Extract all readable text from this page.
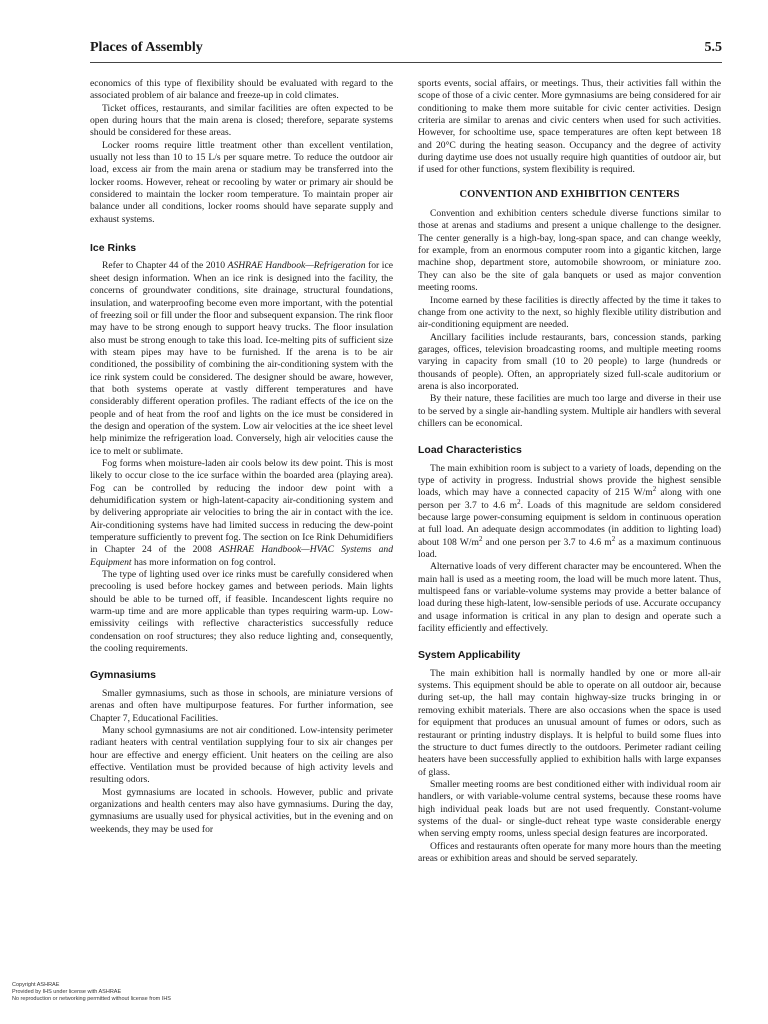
Places of Assembly	5.5

economics of this type of flexibility should be evaluated with regard to the associated problem of air balance and freeze-up in cold climates.

Ticket offices, restaurants, and similar facilities are often expected to be open during hours that the main arena is closed; therefore, separate systems should be considered for these areas.

Locker rooms require little treatment other than excellent ventilation, usually not less than 10 to 15 L/s per square metre. To reduce the outdoor air load, excess air from the main arena or stadium may be transferred into the locker rooms. However, reheat or recooling by water or primary air should be considered to maintain the locker room temperature. To maintain proper air balance under all conditions, locker rooms should have separate supply and exhaust systems.

Ice Rinks

Refer to Chapter 44 of the 2010 ASHRAE Handbook—Refrigeration for ice sheet design information. When an ice rink is designed into the facility, the concerns of groundwater conditions, site drainage, structural foundations, insulation, and waterproofing become even more important, with the potential of freezing soil or fill under the floor and subsequent expansion. The rink floor may have to be strong enough to support heavy trucks. The floor insulation also must be strong enough to take this load. Ice-melting pits of sufficient size with steam pipes may have to be furnished. If the arena is to be air conditioned, the possibility of combining the air-conditioning system with the ice rink system could be considered. The designer should be aware, however, that both systems operate at vastly different temperatures and have considerably different operation profiles. The radiant effects of the ice on the people and of heat from the roof and lights on the ice must be considered in the design and operation of the system. Low air velocities at the ice sheet level help minimize the refrigeration load. Conversely, high air velocities cause the ice to melt or sublimate.

Fog forms when moisture-laden air cools below its dew point. This is most likely to occur close to the ice surface within the boarded area (playing area). Fog can be controlled by reducing the indoor dew point with a dehumidification system or high-latent-capacity air-conditioning system and by delivering appropriate air velocities to bring the air in contact with the ice. Air-conditioning systems have had limited success in reducing the dew-point temperature sufficiently to prevent fog. The section on Ice Rink Dehumidifiers in Chapter 24 of the 2008 ASHRAE Handbook—HVAC Systems and Equipment has more information on fog control.

The type of lighting used over ice rinks must be carefully considered when precooling is used before hockey games and between periods. Main lights should be able to be turned off, if feasible. Incandescent lights require no warm-up time and are more applicable than types requiring warm-up. Low-emissivity ceilings with reflective characteristics successfully reduce condensation on roof structures; they also reduce lighting and, consequently, the cooling requirements.

Gymnasiums

Smaller gymnasiums, such as those in schools, are miniature versions of arenas and often have multipurpose features. For further information, see Chapter 7, Educational Facilities.

Many school gymnasiums are not air conditioned. Low-intensity perimeter radiant heaters with central ventilation supplying four to six air changes per hour are effective and energy efficient. Unit heaters on the ceiling are also effective. Ventilation must be provided because of high activity levels and resulting odors.

Most gymnasiums are located in schools. However, public and private organizations and health centers may also have gymnasiums. During the day, gymnasiums are usually used for physical activities, but in the evening and on weekends, they may be used for

sports events, social affairs, or meetings. Thus, their activities fall within the scope of those of a civic center. More gymnasiums are being considered for air conditioning to make them more suitable for civic center activities. Design criteria are similar to arenas and civic centers when used for such activities. However, for schooltime use, space temperatures are often kept between 18 and 20°C during the heating season. Occupancy and the degree of activity during daytime use does not usually require high quantities of outdoor air, but if used for other functions, system flexibility is required.

CONVENTION AND EXHIBITION CENTERS

Convention and exhibition centers schedule diverse functions similar to those at arenas and stadiums and present a unique challenge to the designer. The center generally is a high-bay, long-span space, and can change weekly, for example, from an enormous computer room into a gigantic kitchen, large machine shop, department store, automobile showroom, or miniature zoo. They can also be the site of gala banquets or used as major convention meeting rooms.

Income earned by these facilities is directly affected by the time it takes to change from one activity to the next, so highly flexible utility distribution and air-conditioning equipment are needed.

Ancillary facilities include restaurants, bars, concession stands, parking garages, offices, television broadcasting rooms, and multiple meeting rooms varying in capacity from small (10 to 20 people) to large (hundreds or thousands of people). Often, an appropriately sized full-scale auditorium or arena is also incorporated.

By their nature, these facilities are much too large and diverse in their use to be served by a single air-handling system. Multiple air handlers with several chillers can be economical.

Load Characteristics

The main exhibition room is subject to a variety of loads, depending on the type of activity in progress. Industrial shows provide the highest sensible loads, which may have a connected capacity of 215 $W/m^2$ along with one person per 3.7 to 4.6 $m^2$. Loads of this magnitude are seldom considered because large power-consuming equipment is seldom in continuous operation at full load. An adequate design accommodates (in addition to lighting load) about 108 $W/m^2$ and one person per 3.7 to 4.6 $m^2$ as a maximum continuous load.

Alternative loads of very different character may be encountered. When the main hall is used as a meeting room, the load will be much more latent. Thus, multispeed fans or variable-volume systems may provide a better balance of load during these high-latent, low-sensible periods of use. Accurate occupancy and usage information is critical in any plan to design and operate such a facility efficiently and effectively.

System Applicability

The main exhibition hall is normally handled by one or more all-air systems. This equipment should be able to operate on all outdoor air, because during set-up, the hall may contain highway-size trucks bringing in or removing exhibit materials. There are also occasions when the space is used for equipment that produces an unusual amount of fumes or odors, such as restaurant or printing industry displays. It is helpful to build some flues into the structure to duct fumes directly to the outdoors. Perimeter radiant ceiling heaters have been successfully applied to exhibition halls with large expanses of glass.

Smaller meeting rooms are best conditioned either with individual room air handlers, or with variable-volume central systems, because these rooms have high individual peak loads but are not used frequently. Constant-volume systems of the dual- or single-duct reheat type waste considerable energy when serving empty rooms, unless special design features are incorporated.

Offices and restaurants often operate for many more hours than the meeting areas or exhibition areas and should be served separately.

Copyright ASHRAE
Provided by IHS under license with ASHRAE
No reproduction or networking permitted without license from IHS
